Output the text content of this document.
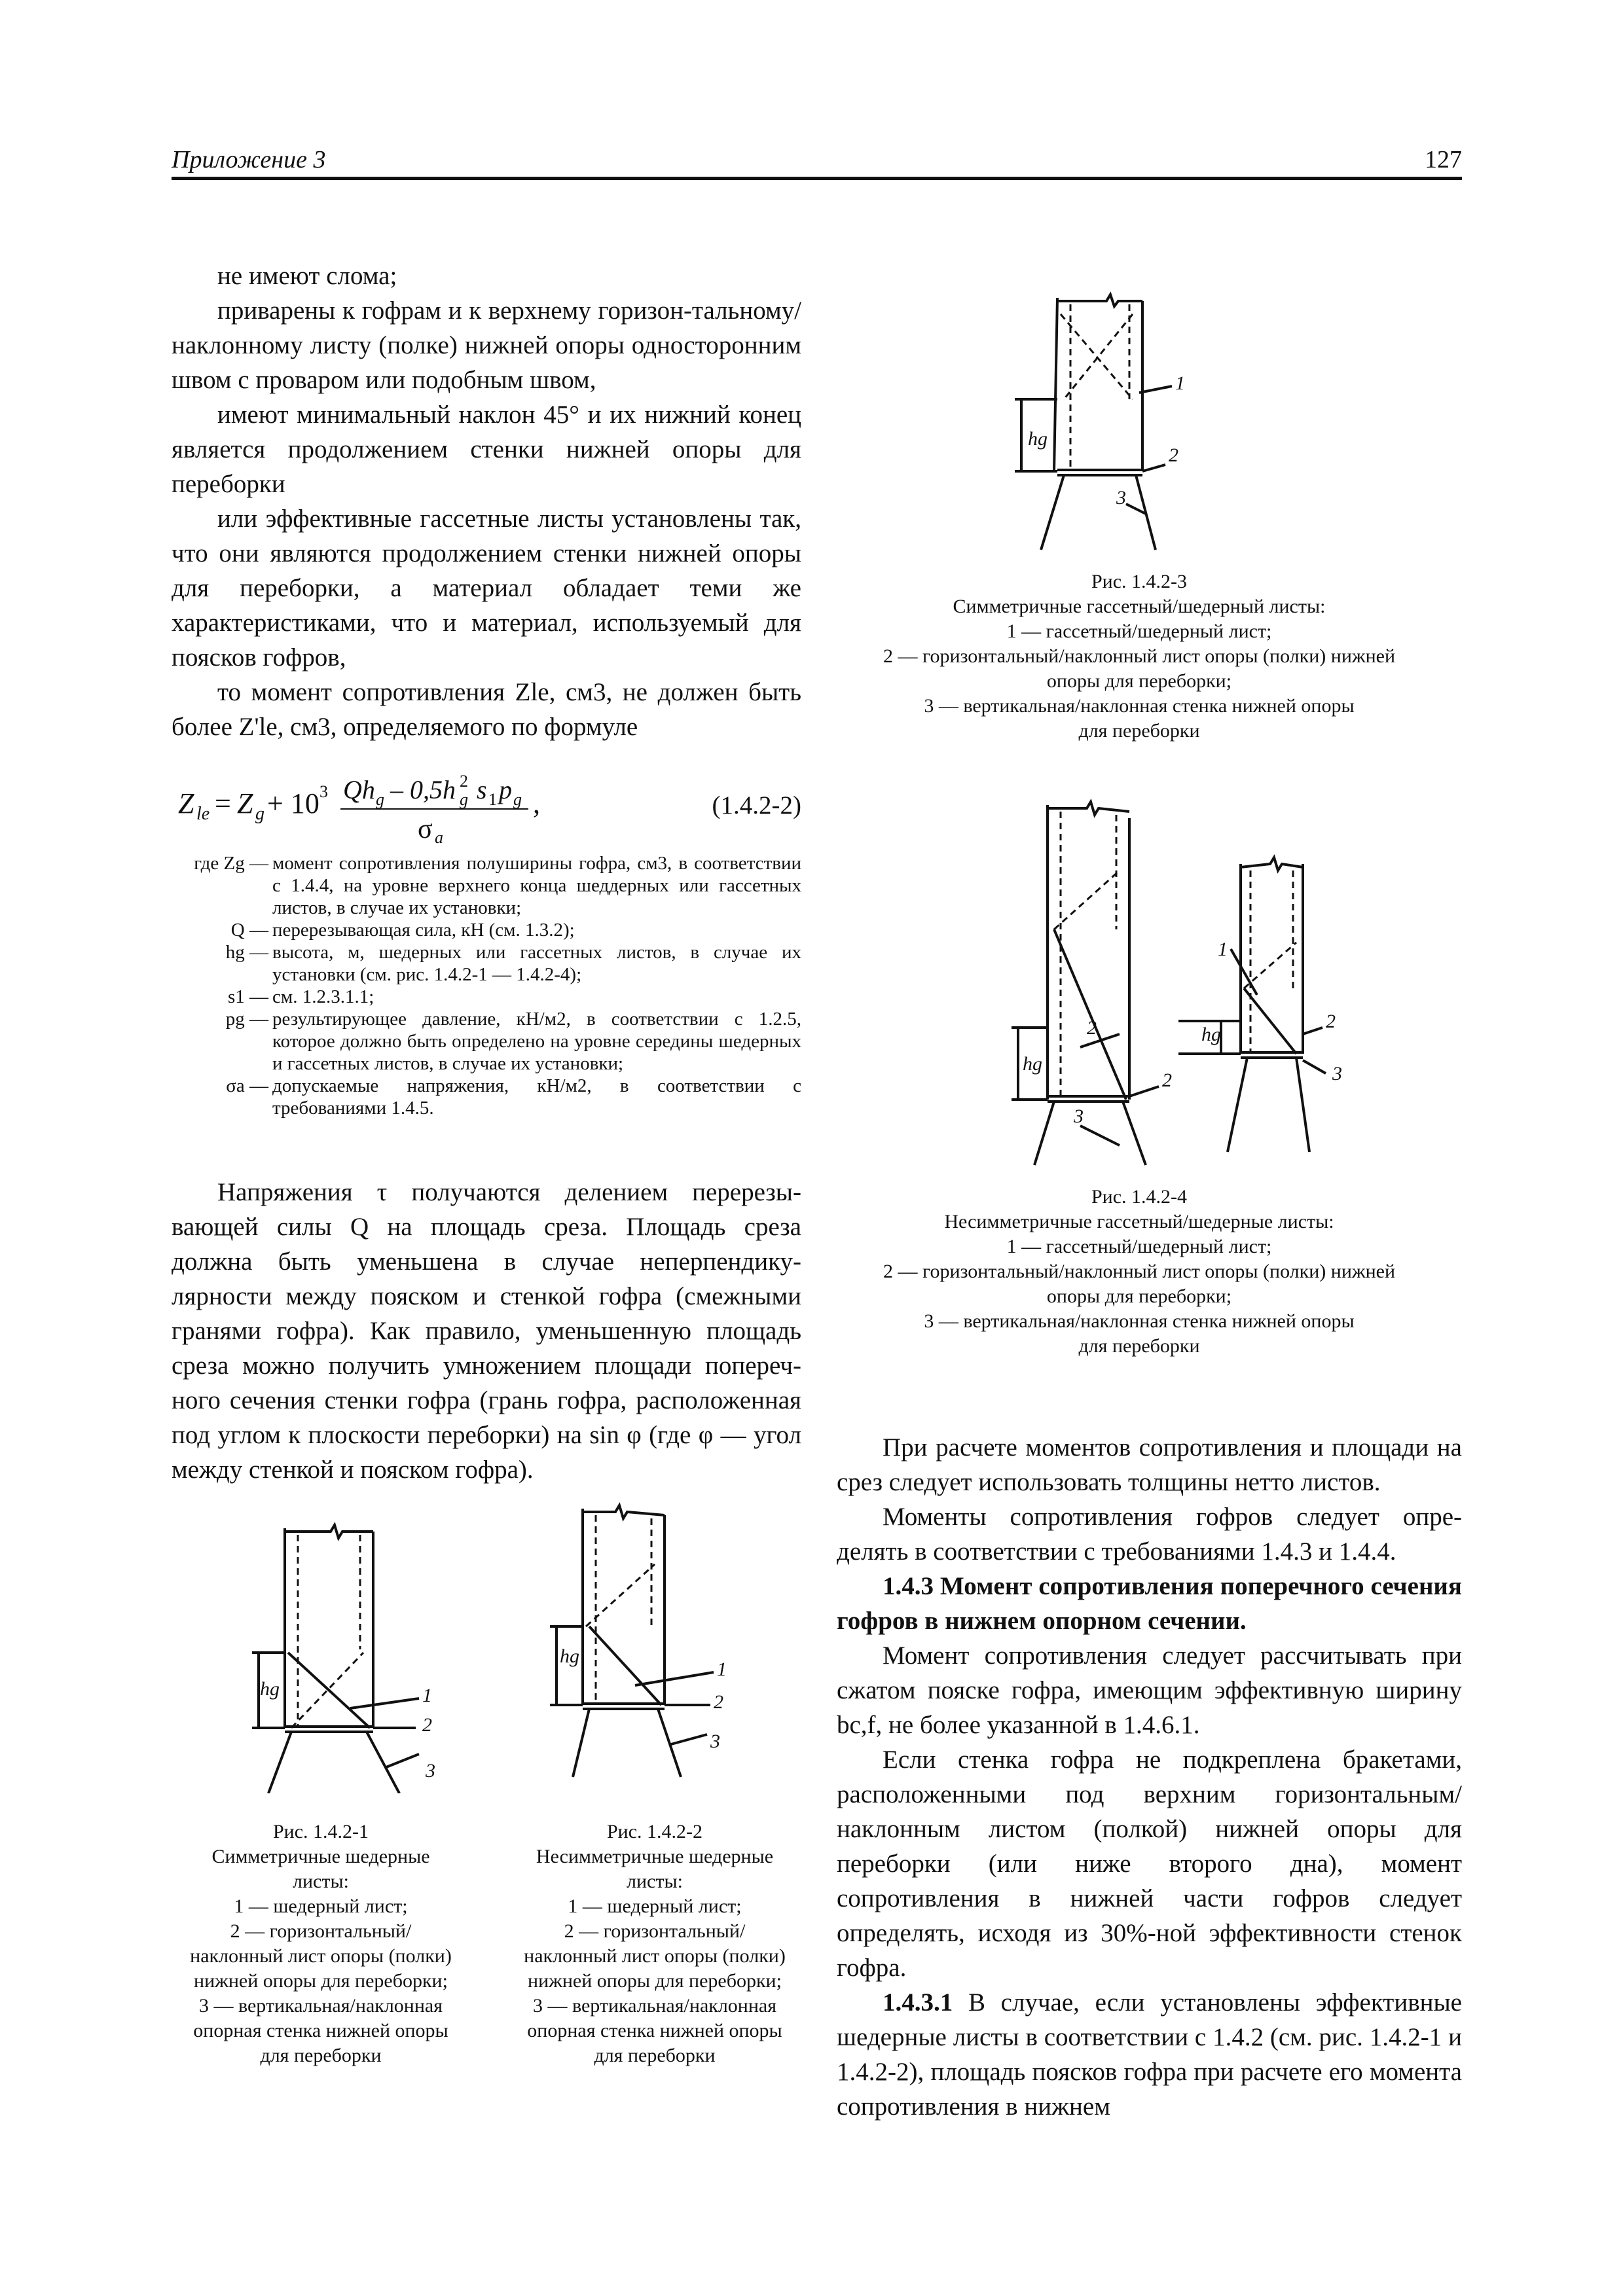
Приложение 3	127

не имеют слома;

приварены к гофрам и к верхнему горизон-тальному/наклонному листу (полке) нижней опоры односторонним швом с проваром или подобным швом,

имеют минимальный наклон 45° и их нижний конец является продолжением стенки нижней опоры для переборки

или эффективные гассетные листы установлены так, что они являются продолжением стенки нижней опоры для переборки, а материал обладает теми же характеристиками, что и материал, используемый для поясков гофров,

то момент сопротивления Zle, см3, не должен быть более Z'le, см3, определяемого по формуле

Z le = Z g + 10 3 Qh g – 0,5h 2
g s 1 p g ,
σ a
(1.4.2-2)
где Zg — момент сопротивления полуширины гофра, см3, в соответствии с 1.4.4, на уровне верхнего конца шеддерных или гассетных листов, в случае их установки;
Q — перерезывающая сила, кН (см. 1.3.2);
hg — высота, м, шедерных или гассетных листов, в случае их установки (см. рис. 1.4.2-1 — 1.4.2-4);
s1 — см. 1.2.3.1.1;
pg — результирующее давление, кН/м2, в соответствии с 1.2.5, которое должно быть определено на уровне середины шедерных и гассетных листов, в случае их установки;
σa — допускаемые напряжения, кН/м2, в соответствии с требованиями 1.4.5.

Напряжения τ получаются делением перерезы-вающей силы Q на площадь среза. Площадь среза должна быть уменьшена в случае неперпендику-лярности между пояском и стенкой гофра (смежными гранями гофра). Как правило, уменьшенную площадь среза можно получить умножением площади попереч-ного сечения стенки гофра (грань гофра, расположенная под углом к плоскости переборки) на sin φ (где φ — угол между стенкой и пояском гофра).

hg
1
2
3

Рис. 1.4.2-3

Симметричные гассетный/шедерный листы:

1 — гассетный/шедерный лист;

2 — горизонтальный/наклонный лист опоры (полки) нижней

опоры для переборки;

3 — вертикальная/наклонная стенка нижней опоры

для переборки

hg
2
2
3
hg
1
2
3

Рис. 1.4.2-4

Несимметричные гассетный/шедерные листы:

1 — гассетный/шедерный лист;

2 — горизонтальный/наклонный лист опоры (полки) нижней

опоры для переборки;

3 — вертикальная/наклонная стенка нижней опоры

для переборки

hg	1
2
3

Рис. 1.4.2-1

Симметричные шедерные

листы:

1 — шедерный лист;

2 — горизонтальный/

наклонный лист опоры (полки)

нижней опоры для переборки;

3 — вертикальная/наклонная

опорная стенка нижней опоры

для переборки

hg
1
2
3

Рис. 1.4.2-2

Несимметричные шедерные

листы:

1 — шедерный лист;

2 — горизонтальный/

наклонный лист опоры (полки)

нижней опоры для переборки;

3 — вертикальная/наклонная

опорная стенка нижней опоры

для переборки

При расчете моментов сопротивления и площади на срез следует использовать толщины нетто листов.

Моменты сопротивления гофров следует опре-делять в соответствии с требованиями 1.4.3 и 1.4.4.

1.4.3 Момент сопротивления поперечного сечения гофров в нижнем опорном сечении.

Момент сопротивления следует рассчитывать при сжатом пояске гофра, имеющим эффективную ширину bc,f, не более указанной в 1.4.6.1.

Если стенка гофра не подкреплена бракетами, расположенными под верхним горизонтальным/ наклонным листом (полкой) нижней опоры для переборки (или ниже второго дна), момент сопротивления в нижней части гофров следует определять, исходя из 30%-ной эффективности стенок гофра.

1.4.3.1 В случае, если установлены эффективные шедерные листы в соответствии с 1.4.2 (см. рис. 1.4.2-1 и 1.4.2-2), площадь поясков гофра при расчете его момента сопротивления в нижнем
